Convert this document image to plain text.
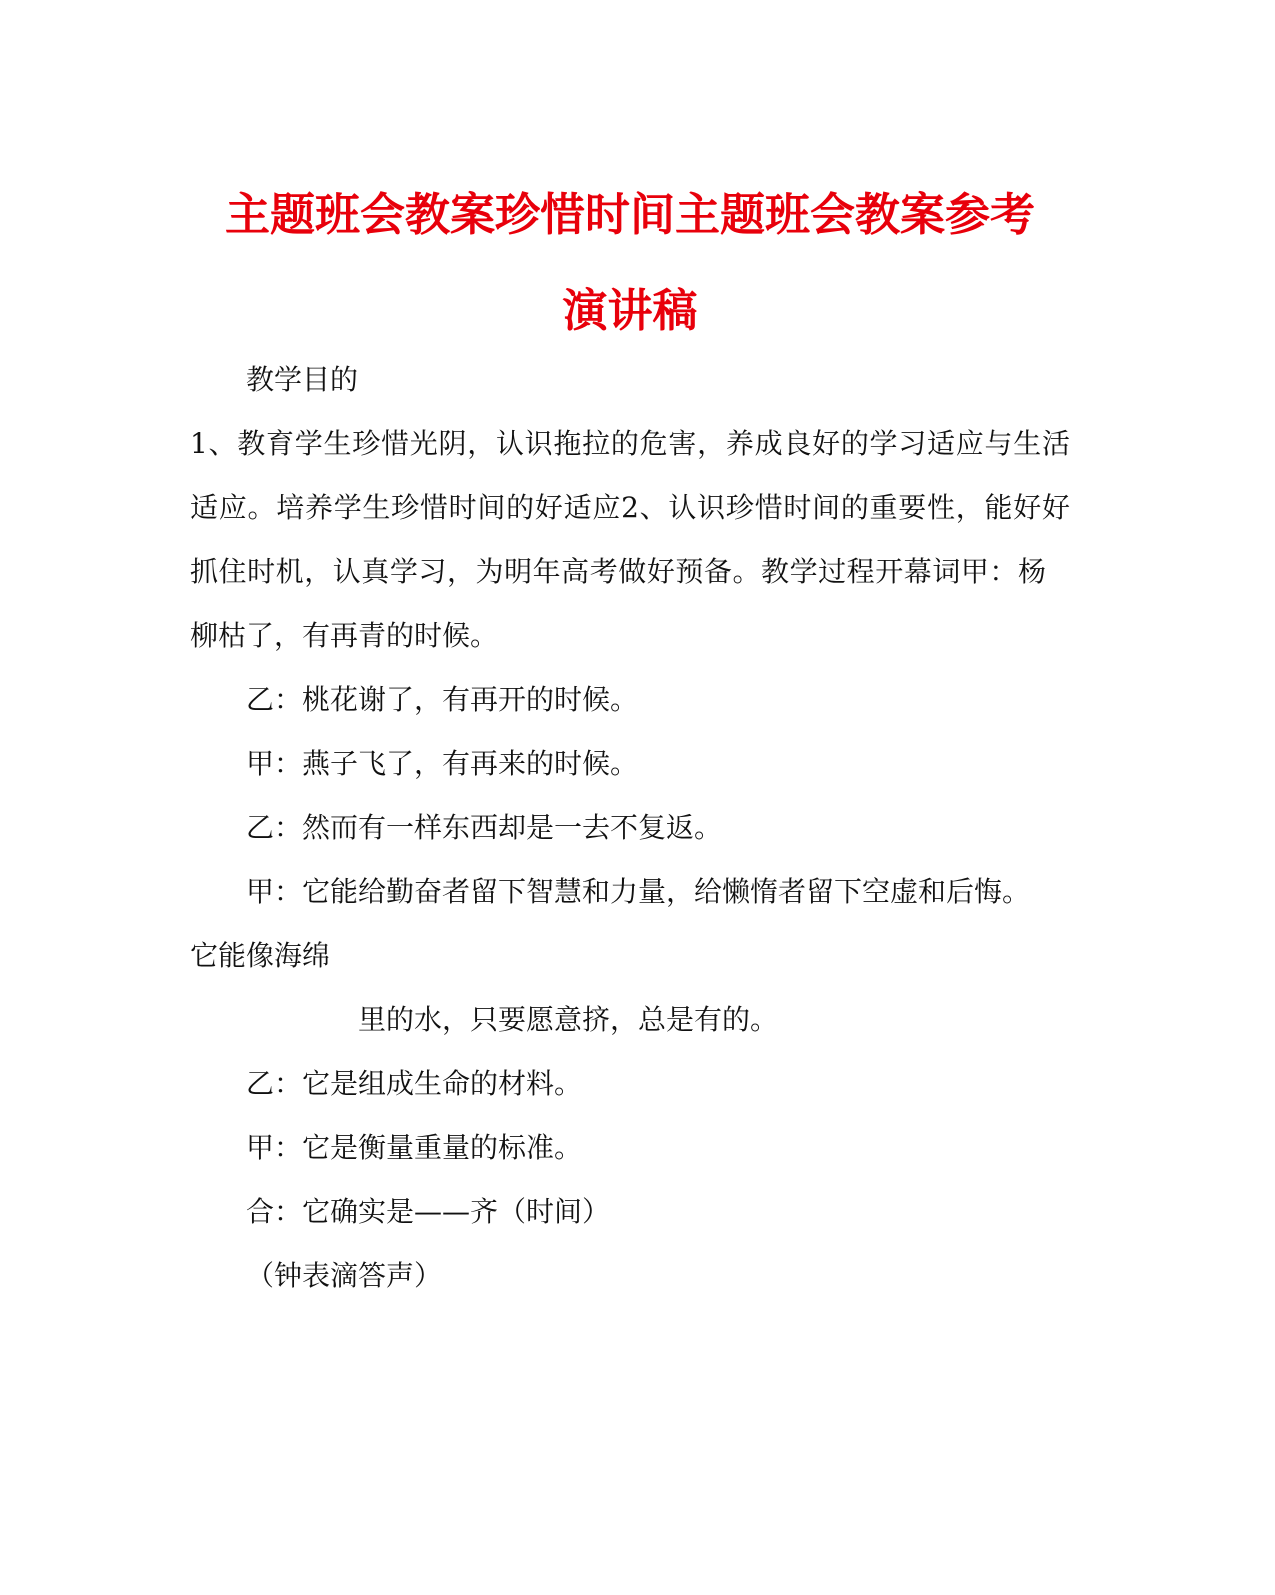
主题班会教案珍惜时间主题班会教案参考
演讲稿

教学目的

1、教育学生珍惜光阴，认识拖拉的危害，养成良好的学习适应与生活

适应。培养学生珍惜时间的好适应2、认识珍惜时间的重要性，能好好

抓住时机，认真学习，为明年高考做好预备。教学过程开幕词甲：杨

柳枯了，有再青的时候。

乙：桃花谢了，有再开的时候。

甲：燕子飞了，有再来的时候。

乙：然而有一样东西却是一去不复返。

甲：它能给勤奋者留下智慧和力量，给懒惰者留下空虚和后悔。

它能像海绵

里的水，只要愿意挤，总是有的。

乙：它是组成生命的材料。

甲：它是衡量重量的标准。

合：它确实是——齐（时间）

（钟表滴答声）
